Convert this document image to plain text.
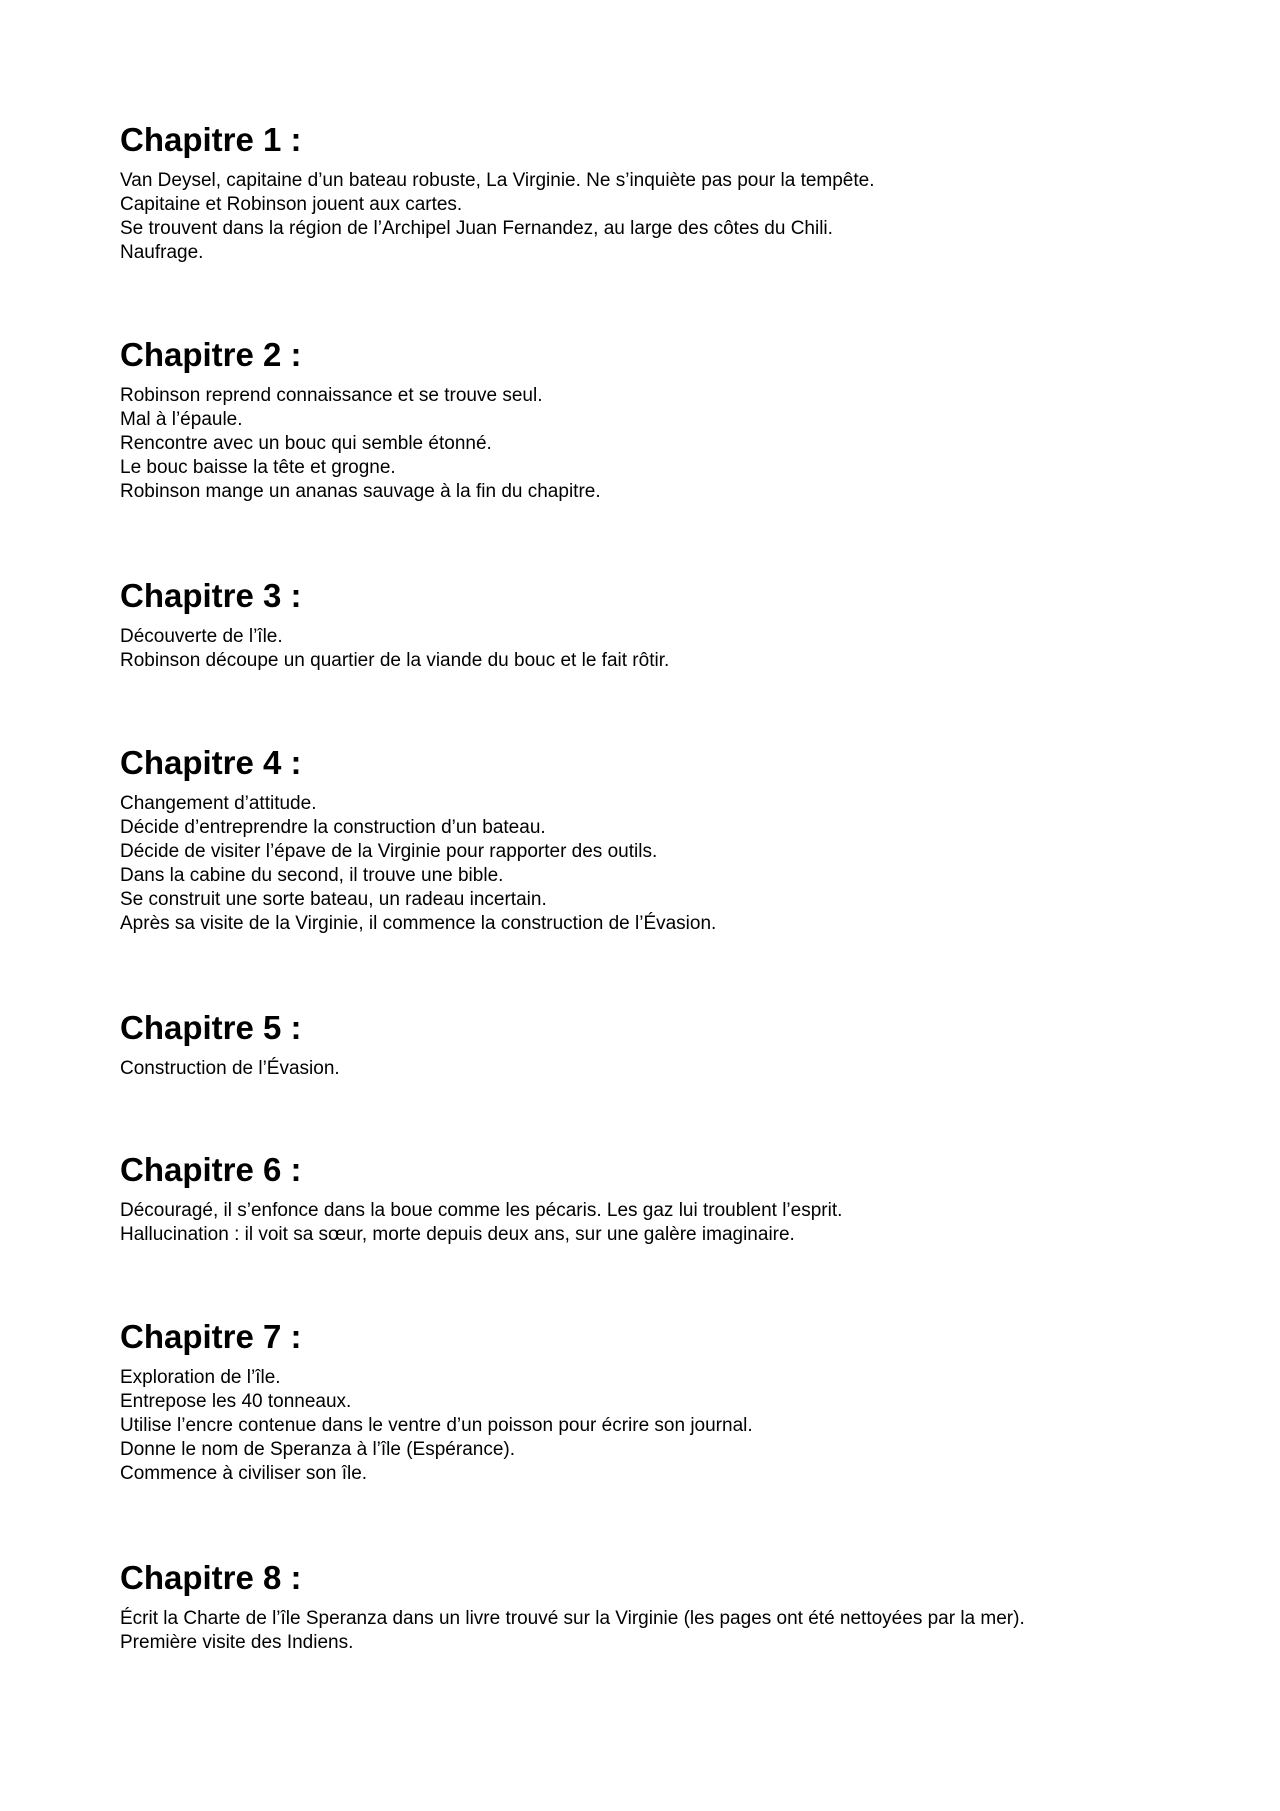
Chapitre 1 :
Van Deysel, capitaine d’un bateau robuste, La Virginie. Ne s’inquiète pas pour la tempête.
Capitaine et Robinson jouent aux cartes.
Se trouvent dans la région de l’Archipel Juan Fernandez, au large des côtes du Chili.
Naufrage.
Chapitre 2 :
Robinson reprend connaissance et se trouve seul.
Mal à l’épaule.
Rencontre avec un bouc qui semble étonné.
Le bouc baisse la tête et grogne.
Robinson mange un ananas sauvage à la fin du chapitre.
Chapitre 3 :
Découverte de l’île.
Robinson découpe un quartier de la viande du bouc et le fait rôtir.
Chapitre 4 :
Changement d’attitude.
Décide d’entreprendre la construction d’un bateau.
Décide de visiter l’épave de la Virginie pour rapporter des outils.
Dans la cabine du second, il trouve une bible.
Se construit une sorte bateau, un radeau incertain.
Après sa visite de la Virginie, il commence la construction de l’Évasion.
Chapitre 5 :
Construction de l’Évasion.
Chapitre 6 :
Découragé, il s’enfonce dans la boue comme les pécaris. Les gaz lui troublent l’esprit.
Hallucination : il voit sa sœur, morte depuis deux ans, sur une galère imaginaire.
Chapitre 7 :
Exploration de l’île.
Entrepose les 40 tonneaux.
Utilise l’encre contenue dans le ventre d’un poisson pour écrire son journal.
Donne le nom de Speranza à l’île (Espérance).
Commence à civiliser son île.
Chapitre 8 :
Écrit la Charte de l’île Speranza dans un livre trouvé sur la Virginie (les pages ont été nettoyées par la mer).
Première visite des Indiens.
